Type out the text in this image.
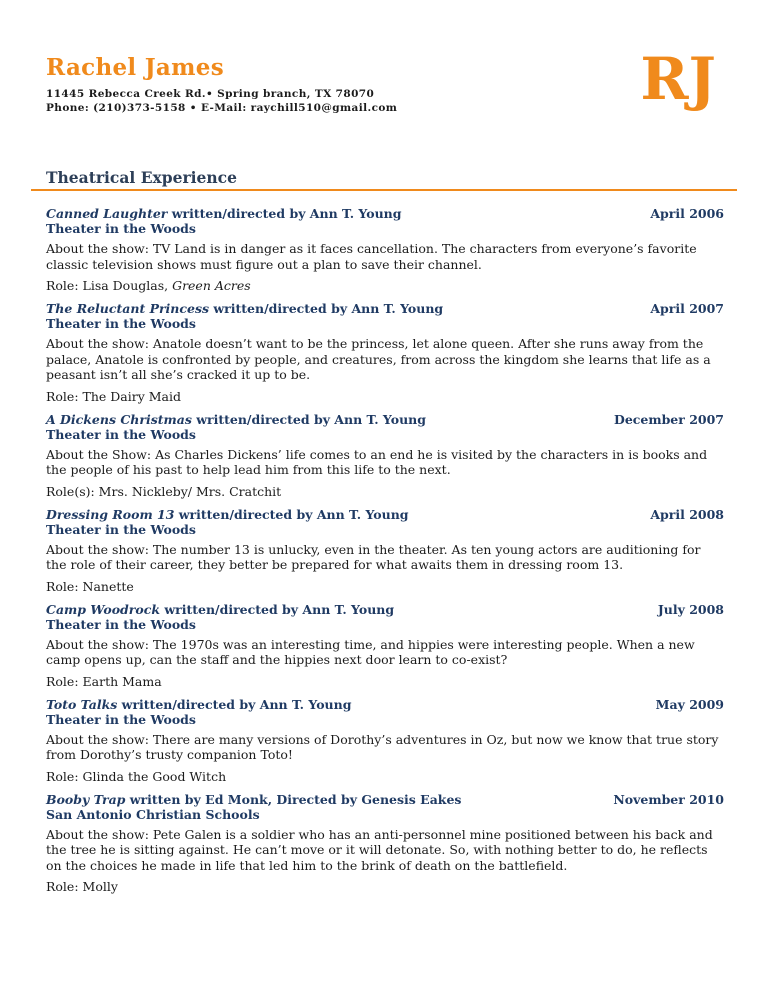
Rachel James

11445 Rebecca Creek Rd.• Spring branch, TX 78070

Phone: (210)373-5158 • E-Mail: raychill510@gmail.com	RJ
Theatrical Experience
Canned Laughter written/directed by Ann T. Young	April 2006
Theater in the Woods
About the show: TV Land is in danger as it faces cancellation. The characters from everyone’s favorite classic television shows must figure out a plan to save their channel.
Role: Lisa Douglas, Green Acres
The Reluctant Princess written/directed by Ann T. Young	April 2007
Theater in the Woods
About the show: Anatole doesn’t want to be the princess, let alone queen. After she runs away from the palace, Anatole is confronted by people, and creatures, from across the kingdom she learns that life as a peasant isn’t all she’s cracked it up to be.
Role: The Dairy Maid
A Dickens Christmas written/directed by Ann T. Young	December 2007
Theater in the Woods
About the Show: As Charles Dickens’ life comes to an end he is visited by the characters in is books and the people of his past to help lead him from this life to the next.
Role(s): Mrs. Nickleby/ Mrs. Cratchit
Dressing Room 13 written/directed by Ann T. Young	April 2008
Theater in the Woods
About the show: The number 13 is unlucky, even in the theater. As ten young actors are auditioning for the role of their career, they better be prepared for what awaits them in dressing room 13.
Role: Nanette
Camp Woodrock written/directed by Ann T. Young	July 2008
Theater in the Woods
About the show: The 1970s was an interesting time, and hippies were interesting people. When a new camp opens up, can the staff and the hippies next door learn to co-exist?
Role: Earth Mama
Toto Talks written/directed by Ann T. Young	May 2009
Theater in the Woods
About the show: There are many versions of Dorothy’s adventures in Oz, but now we know that true story from Dorothy’s trusty companion Toto!
Role: Glinda the Good Witch
Booby Trap written by Ed Monk, Directed by Genesis Eakes	November 2010
San Antonio Christian Schools
About the show: Pete Galen is a soldier who has an anti-personnel mine positioned between his back and the tree he is sitting against. He can’t move or it will detonate. So, with nothing better to do, he reflects on the choices he made in life that led him to the brink of death on the battlefield.
Role: Molly
